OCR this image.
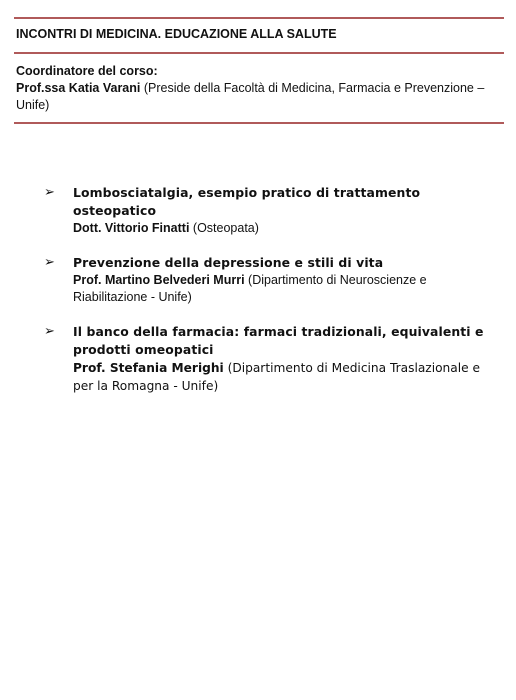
INCONTRI DI MEDICINA. EDUCAZIONE ALLA SALUTE
Coordinatore del corso:
Prof.ssa Katia Varani (Preside della Facoltà di Medicina, Farmacia e Prevenzione – Unife)
➢ Lombosciatalgia, esempio pratico di trattamento osteopatico
Dott. Vittorio Finatti (Osteopata)
➢ Prevenzione della depressione e stili di vita
Prof. Martino Belvederi Murri (Dipartimento di Neuroscienze e Riabilitazione - Unife)
➢ Il banco della farmacia: farmaci tradizionali, equivalenti e prodotti omeopatici
Prof. Stefania Merighi (Dipartimento di Medicina Traslazionale e per la Romagna - Unife)
